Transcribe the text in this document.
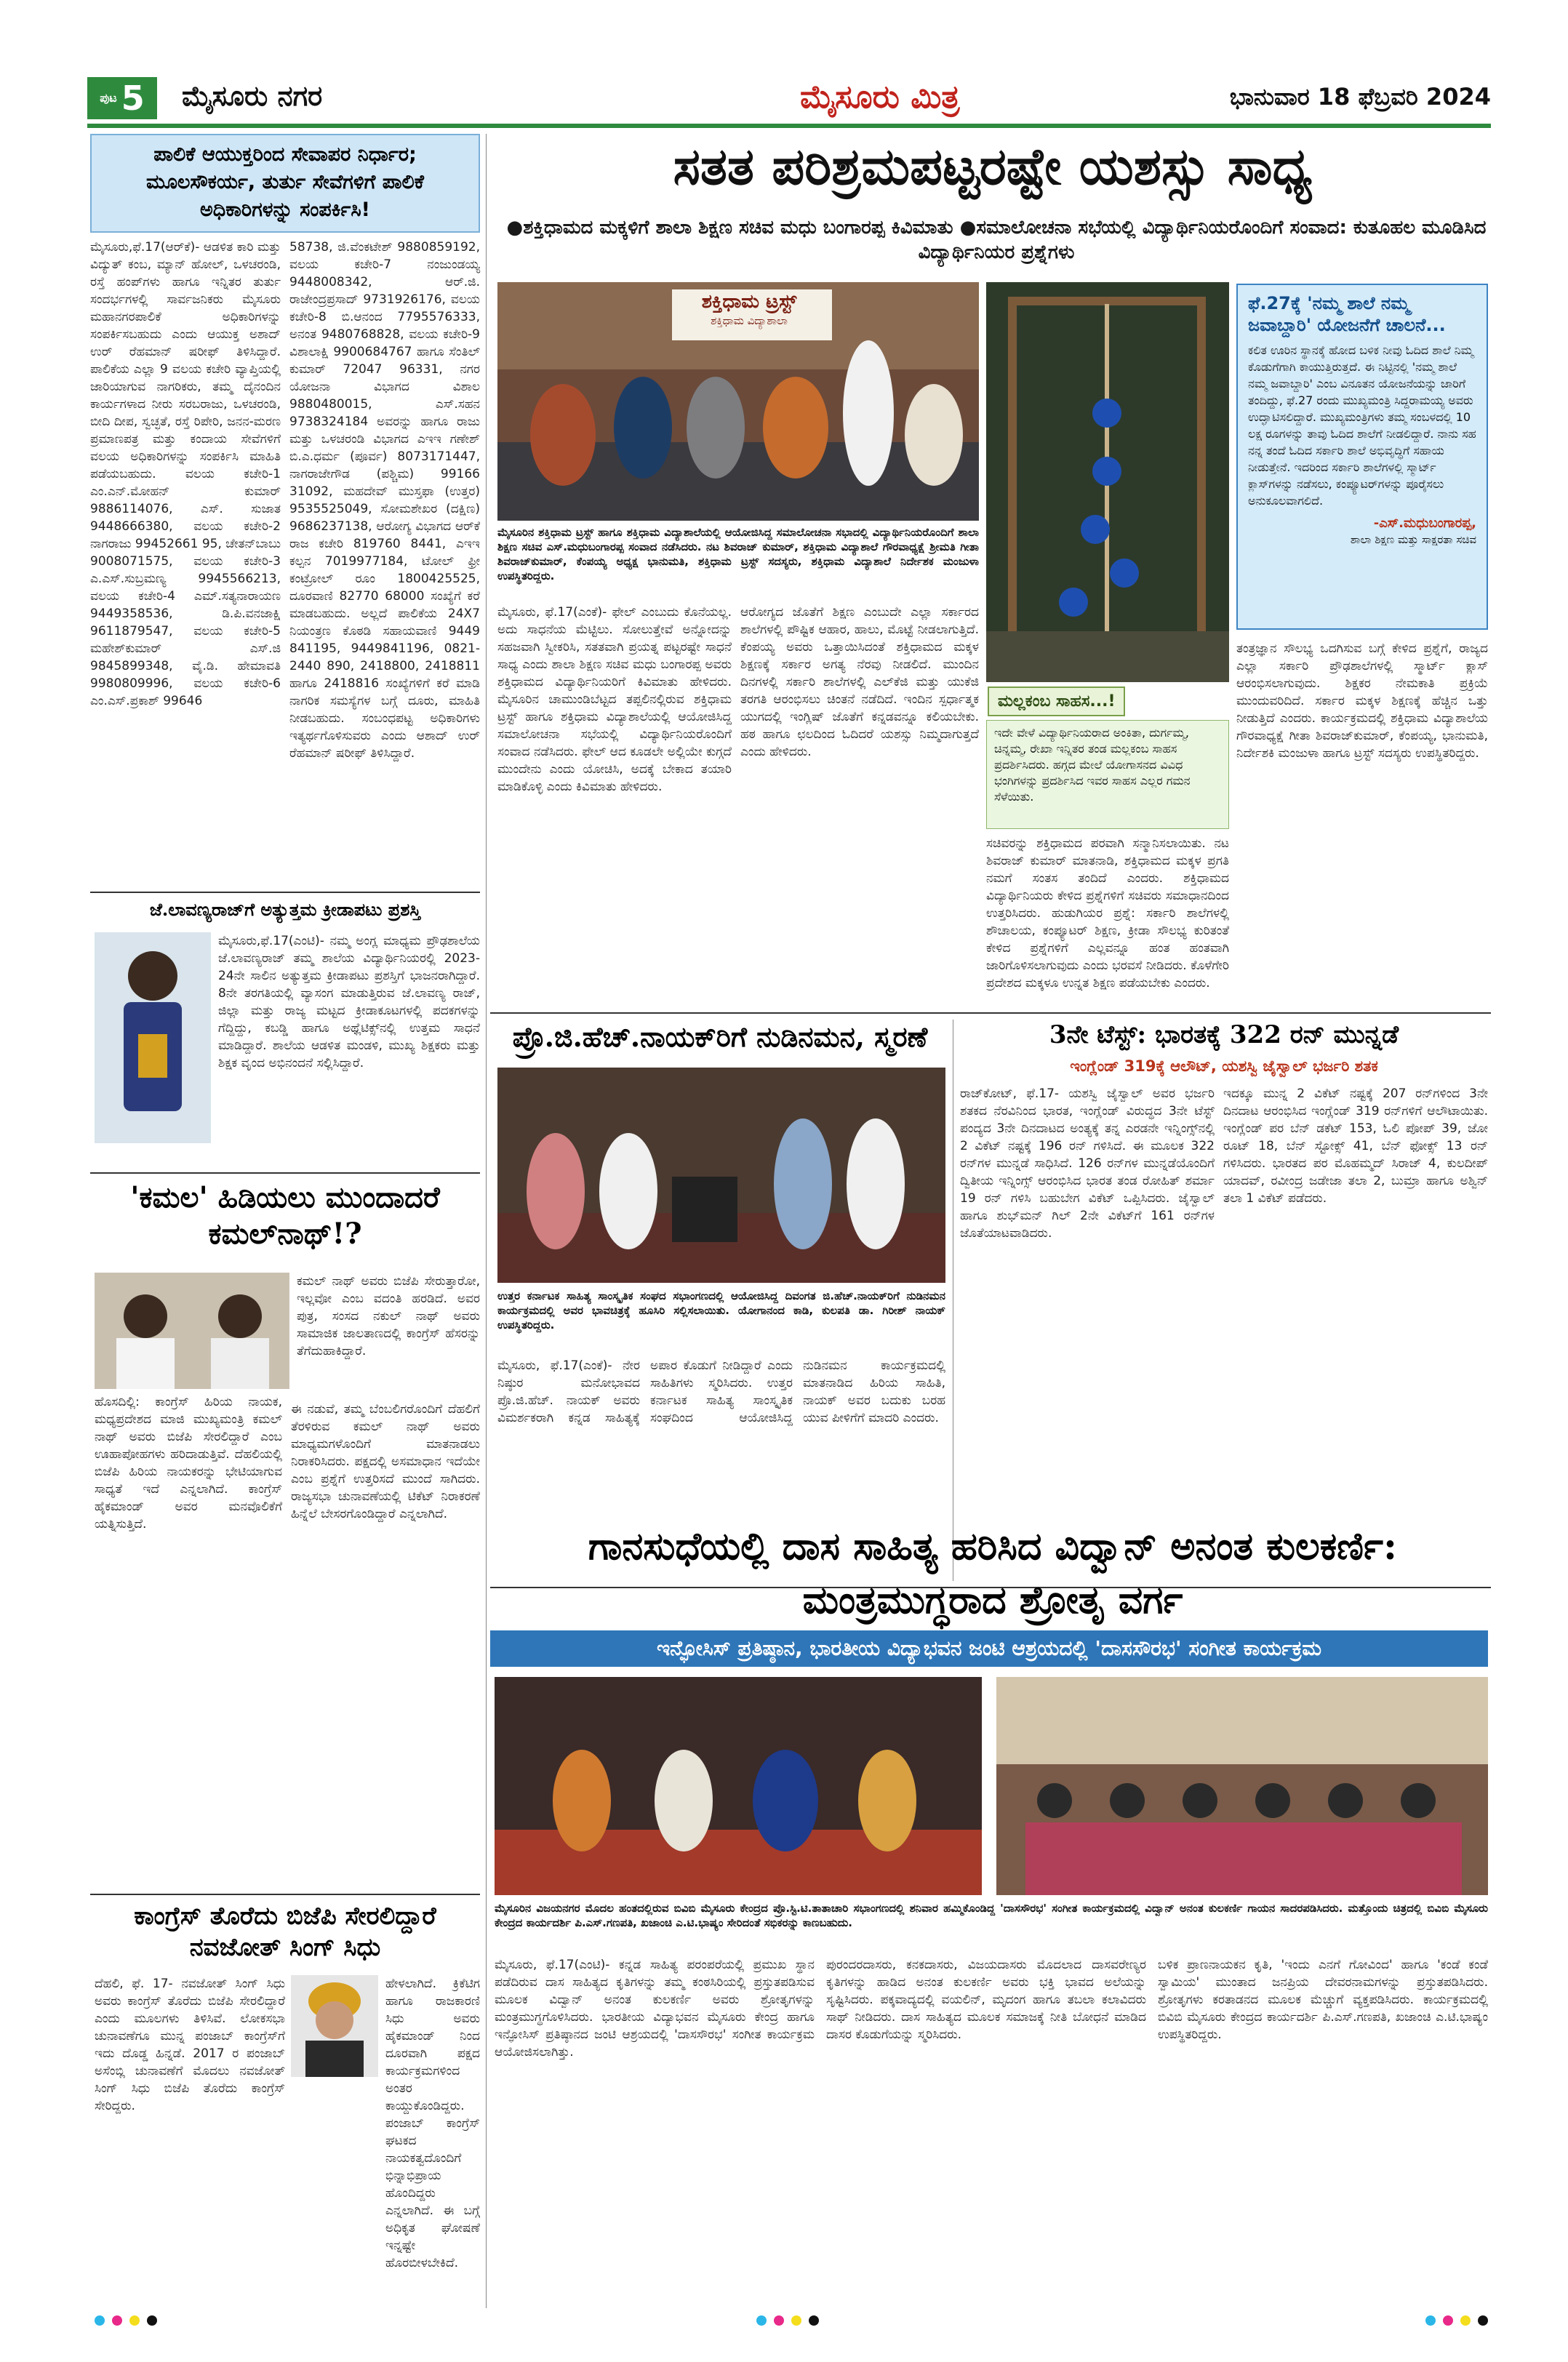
ಪುಟ 5 ಮೈಸೂರು ನಗರ	ಮೈಸೂರು ಮಿತ್ರ	ಭಾನುವಾರ 18 ಫೆಬ್ರವರಿ 2024
ಪಾಲಿಕೆ ಆಯುಕ್ತರಿಂದ ಸೇವಾಪರ ನಿರ್ಧಾರ; ಮೂಲಸೌಕರ್ಯ, ತುರ್ತು ಸೇವೆಗಳಿಗೆ ಪಾಲಿಕೆ ಅಧಿಕಾರಿಗಳನ್ನು ಸಂಪರ್ಕಿಸಿ!
ಮೈಸೂರು,ಫೆ.17(ಆರ್‌ಕೆ)- ಆಡಳಿತ ಕಾರಿ ಮತ್ತು ವಿದ್ಯುತ್ ಕಂಬ, ಮ್ಯಾನ್ ಹೋಲ್, ಒಳಚರಂಡಿ, ರಸ್ತೆ ಹಂಪ್‌ಗಳು ಹಾಗೂ ಇನ್ನಿತರ ತುರ್ತು ಸಂದರ್ಭಗಳಲ್ಲಿ ಸಾರ್ವಜನಿಕರು ಮೈಸೂರು ಮಹಾನಗರಪಾಲಿಕೆ ಅಧಿಕಾರಿಗಳನ್ನು ಸಂಪರ್ಕಿಸಬಹುದು ಎಂದು ಆಯುಕ್ತ ಅಶಾದ್ ಉರ್ ರೆಹಮಾನ್ ಷರೀಫ್ ತಿಳಿಸಿದ್ದಾರೆ. ಪಾಲಿಕೆಯ ಎಲ್ಲಾ 9 ವಲಯ ಕಚೇರಿ ವ್ಯಾಪ್ತಿಯಲ್ಲಿ ಜಾರಿಯಾಗುವ ನಾಗರಿಕರು, ತಮ್ಮ ದೈನಂದಿನ ಕಾರ್ಯಗಳಾದ ನೀರು ಸರಬರಾಜು, ಒಳಚರಂಡಿ, ಬೀದಿ ದೀಪ, ಸ್ವಚ್ಛತೆ, ರಸ್ತೆ ರಿಪೇರಿ, ಜನನ-ಮರಣ ಪ್ರಮಾಣಪತ್ರ ಮತ್ತು ಕಂದಾಯ ಸೇವೆಗಳಿಗೆ ವಲಯ ಅಧಿಕಾರಿಗಳನ್ನು ಸಂಪರ್ಕಿಸಿ ಮಾಹಿತಿ ಪಡೆಯಬಹುದು. ವಲಯ ಕಚೇರಿ-1 ಎಂ.ಎನ್.ಮೋಹನ್ ಕುಮಾರ್ 9886114076, ಎಸ್. ಸುಜಾತ 9448666380, ವಲಯ ಕಚೇರಿ-2 ನಾಗರಾಜು 99452661 95, ಚೇತನ್‌ಬಾಬು 9008071575, ವಲಯ ಕಚೇರಿ-3 ಎ.ಎಸ್.ಸುಬ್ರಮಣ್ಯ 9945566213, ವಲಯ ಕಚೇರಿ-4 ಎಮ್.ಸತ್ಯನಾರಾಯಣ 9449358536, ಡಿ.ಪಿ.ವನಜಾಕ್ಷಿ 9611879547, ವಲಯ ಕಚೇರಿ-5 ಮಹೇಶ್‌ಕುಮಾರ್ ಎಸ್.ಜಿ 9845899348, ವೈ.ಡಿ. ಹೇಮಾವತಿ 9980809996, ವಲಯ ಕಚೇರಿ-6 ಎಂ.ಎಸ್.ಪ್ರಕಾಶ್ 99646
58738, ಜಿ.ವೆಂಕಟೇಶ್ 9880859192, ವಲಯ ಕಚೇರಿ-7 ನಂಜುಂಡಯ್ಯ 9448008342, ಆರ್.ಜಿ. ರಾಜೇಂದ್ರಪ್ರಸಾದ್ 9731926176, ವಲಯ ಕಚೇರಿ-8 ಬಿ.ಆನಂದ 7795576333, ಅನಂತ 9480768828, ವಲಯ ಕಚೇರಿ-9 ವಿಶಾಲಾಕ್ಷಿ 9900684767 ಹಾಗೂ ಸೆಂತಿಲ್ ಕುಮಾರ್ 72047 96331, ನಗರ ಯೋಜನಾ ವಿಭಾಗದ ವಿಶಾಲ 9880480015, ಎಸ್.ಸಹನ 9738324184 ಅವರನ್ನು ಹಾಗೂ ರಾಜು ಮತ್ತು ಒಳಚರಂಡಿ ವಿಭಾಗದ ಎಇಇ ಗಣೇಶ್ ಬಿ.ಎ.ಧರ್ಮ (ಪೂರ್ವ) 8073171447, ನಾಗರಾಜೇಗೌಡ (ಪಶ್ಚಿಮ) 99166 31092, ಮಹದೇವ್ ಮುಸ್ತಫಾ (ಉತ್ತರ) 9535525049, ಸೋಮಶೇಖರ (ದಕ್ಷಿಣ) 9686237138, ಆರೋಗ್ಯ ವಿಭಾಗದ ಆರ್‌ಕೆ ರಾಜ ಕಚೇರಿ 819760 8441, ಎಇಇ ಕಲ್ಪನ 7019977184, ಟೋಲ್ ಫ್ರೀ ಕಂಟ್ರೋಲ್ ರೂಂ 1800425525, ದೂರವಾಣಿ 82770 68000 ಸಂಖ್ಯೆಗೆ ಕರೆ ಮಾಡಬಹುದು. ಅಲ್ಲದೆ ಪಾಲಿಕೆಯ 24X7 ನಿಯಂತ್ರಣ ಕೊಠಡಿ ಸಹಾಯವಾಣಿ 9449 841195, 9449841196, 0821-2440 890, 2418800, 2418811 ಹಾಗೂ 2418816 ಸಂಖ್ಯೆಗಳಿಗೆ ಕರೆ ಮಾಡಿ ನಾಗರಿಕ ಸಮಸ್ಯೆಗಳ ಬಗ್ಗೆ ದೂರು, ಮಾಹಿತಿ ನೀಡಬಹುದು. ಸಂಬಂಧಪಟ್ಟ ಅಧಿಕಾರಿಗಳು ಇತ್ಯರ್ಥಗೊಳಿಸುವರು ಎಂದು ಆಶಾದ್ ಉರ್ ರೆಹಮಾನ್ ಷರೀಫ್ ತಿಳಿಸಿದ್ದಾರೆ.
ಸತತ ಪರಿಶ್ರಮಪಟ್ಟರಷ್ಟೇ ಯಶಸ್ಸು ಸಾಧ್ಯ
●ಶಕ್ತಿಧಾಮದ ಮಕ್ಕಳಿಗೆ ಶಾಲಾ ಶಿಕ್ಷಣ ಸಚಿವ ಮಧು ಬಂಗಾರಪ್ಪ ಕಿವಿಮಾತು ●ಸಮಾಲೋಚನಾ ಸಭೆಯಲ್ಲಿ ವಿದ್ಯಾರ್ಥಿನಿಯರೊಂದಿಗೆ ಸಂವಾದ: ಕುತೂಹಲ ಮೂಡಿಸಿದ ವಿದ್ಯಾರ್ಥಿನಿಯರ ಪ್ರಶ್ನೆಗಳು
ಶಕ್ತಿಧಾಮ ಟ್ರಸ್ಟ್
ಶಕ್ತಿಧಾಮ ವಿದ್ಯಾಶಾಲಾ
ಮೈಸೂರಿನ ಶಕ್ತಿಧಾಮ ಟ್ರಸ್ಟ್ ಹಾಗೂ ಶಕ್ತಿಧಾಮ ವಿದ್ಯಾಶಾಲೆಯಲ್ಲಿ ಆಯೋಜಿಸಿದ್ದ ಸಮಾಲೋಚನಾ ಸಭಾದಲ್ಲಿ ವಿದ್ಯಾರ್ಥಿನಿಯರೊಂದಿಗೆ ಶಾಲಾ ಶಿಕ್ಷಣ ಸಚಿವ ಎಸ್.ಮಧುಬಂಗಾರಪ್ಪ ಸಂವಾದ ನಡೆಸಿದರು. ನಟ ಶಿವರಾಜ್ ಕುಮಾರ್, ಶಕ್ತಿಧಾಮ ವಿದ್ಯಾಶಾಲೆ ಗೌರವಾಧ್ಯಕ್ಷೆ ಶ್ರೀಮತಿ ಗೀತಾ ಶಿವರಾಜ್‌ಕುಮಾರ್, ಕೆಂಪಯ್ಯ ಅಧ್ಯಕ್ಷ ಭಾನುಮತಿ, ಶಕ್ತಿಧಾಮ ಟ್ರಸ್ಟ್ ಸದಸ್ಯರು, ಶಕ್ತಿಧಾಮ ವಿದ್ಯಾಶಾಲೆ ನಿರ್ದೇಶಕ ಮಂಜುಳಾ ಉಪಸ್ಥಿತರಿದ್ದರು.
ಮಲ್ಲಕಂಬ ಸಾಹಸ...!
ಇದೇ ವೇಳೆ ವಿದ್ಯಾರ್ಥಿನಿಯರಾದ ಅಂಕಿತಾ, ದುರ್ಗಮ್ಮ, ಚಿನ್ನಮ್ಮ, ರೇಖಾ ಇನ್ನಿತರ ತಂಡ ಮಲ್ಲಕಂಬ ಸಾಹಸ ಪ್ರದರ್ಶಿಸಿದರು. ಹಗ್ಗದ ಮೇಲೆ ಯೋಗಾಸನದ ವಿವಿಧ ಭಂಗಿಗಳನ್ನು ಪ್ರದರ್ಶಿಸಿದ ಇವರ ಸಾಹಸ ಎಲ್ಲರ ಗಮನ ಸೆಳೆಯಿತು.
ಫೆ.27ಕ್ಕೆ 'ನಮ್ಮ ಶಾಲೆ ನಮ್ಮ ಜವಾಬ್ದಾರಿ' ಯೋಜನೆಗೆ ಚಾಲನೆ...
ಕಲಿತ ಊರಿನ ಸ್ಥಾನಕ್ಕೆ ಹೋದ ಬಳಿಕ ನೀವು ಓದಿದ ಶಾಲೆ ನಿಮ್ಮ ಕೊಡುಗೆಗಾಗಿ ಕಾಯುತ್ತಿರುತ್ತದೆ. ಈ ನಿಟ್ಟಿನಲ್ಲಿ 'ನಮ್ಮ ಶಾಲೆ ನಮ್ಮ ಜವಾಬ್ದಾರಿ' ಎಂಬ ವಿನೂತನ ಯೋಜನೆಯನ್ನು ಜಾರಿಗೆ ತಂದಿದ್ದು, ಫೆ.27 ರಂದು ಮುಖ್ಯಮಂತ್ರಿ ಸಿದ್ದರಾಮಯ್ಯ ಅವರು ಉದ್ಘಾಟಿಸಲಿದ್ದಾರೆ. ಮುಖ್ಯಮಂತ್ರಿಗಳು ತಮ್ಮ ಸಂಬಳದಲ್ಲಿ 10 ಲಕ್ಷ ರೂಗಳನ್ನು ತಾವು ಓದಿದ ಶಾಲೆಗೆ ನೀಡಲಿದ್ದಾರೆ. ನಾನು ಸಹ ನನ್ನ ತಂದೆ ಓದಿದ ಸರ್ಕಾರಿ ಶಾಲೆ ಅಭಿವೃದ್ಧಿಗೆ ಸಹಾಯ ನೀಡುತ್ತೇನೆ. ಇದರಿಂದ ಸರ್ಕಾರಿ ಶಾಲೆಗಳಲ್ಲಿ ಸ್ಮಾರ್ಟ್ ಕ್ಲಾಸ್‌ಗಳನ್ನು ನಡೆಸಲು, ಕಂಪ್ಯೂಟರ್‌ಗಳನ್ನು ಪೂರೈಸಲು ಅನುಕೂಲವಾಗಲಿದೆ.
-ಎಸ್.ಮಧುಬಂಗಾರಪ್ಪ,
ಶಾಲಾ ಶಿಕ್ಷಣ ಮತ್ತು ಸಾಕ್ಷರತಾ ಸಚಿವ
ಮೈಸೂರು, ಫೆ.17(ಎಂಕೆ)- ಫೇಲ್ ಎಂಬುದು ಕೊನೆಯಲ್ಲ. ಅದು ಸಾಧನೆಯ ಮೆಟ್ಟಿಲು. ಸೋಲುತ್ತೇವೆ ಅನ್ನೋದನ್ನು ಸಹಜವಾಗಿ ಸ್ವೀಕರಿಸಿ, ಸತತವಾಗಿ ಪ್ರಯತ್ನ ಪಟ್ಟರಷ್ಟೇ ಸಾಧನೆ ಸಾಧ್ಯ ಎಂದು ಶಾಲಾ ಶಿಕ್ಷಣ ಸಚಿವ ಮಧು ಬಂಗಾರಪ್ಪ ಅವರು ಶಕ್ತಿಧಾಮದ ವಿದ್ಯಾರ್ಥಿನಿಯರಿಗೆ ಕಿವಿಮಾತು ಹೇಳಿದರು. ಮೈಸೂರಿನ ಚಾಮುಂಡಿಬೆಟ್ಟದ ತಪ್ಪಲಿನಲ್ಲಿರುವ ಶಕ್ತಿಧಾಮ ಟ್ರಸ್ಟ್ ಹಾಗೂ ಶಕ್ತಿಧಾಮ ವಿದ್ಯಾಶಾಲೆಯಲ್ಲಿ ಆಯೋಜಿಸಿದ್ದ ಸಮಾಲೋಚನಾ ಸಭೆಯಲ್ಲಿ ವಿದ್ಯಾರ್ಥಿನಿಯರೊಂದಿಗೆ ಸಂವಾದ ನಡೆಸಿದರು. ಫೇಲ್ ಆದ ಕೂಡಲೇ ಅಲ್ಲಿಯೇ ಕುಗ್ಗದೆ ಮುಂದೇನು ಎಂದು ಯೋಚಿಸಿ, ಅದಕ್ಕೆ ಬೇಕಾದ ತಯಾರಿ ಮಾಡಿಕೊಳ್ಳಿ ಎಂದು ಕಿವಿಮಾತು ಹೇಳಿದರು.
ಆರೋಗ್ಯದ ಜೊತೆಗೆ ಶಿಕ್ಷಣ ಎಂಬುದೇ ಎಲ್ಲಾ ಸರ್ಕಾರದ ಶಾಲೆಗಳಲ್ಲಿ ಪೌಷ್ಟಿಕ ಆಹಾರ, ಹಾಲು, ಮೊಟ್ಟೆ ನೀಡಲಾಗುತ್ತಿದೆ. ಕೆಂಪಯ್ಯ ಅವರು ಒತ್ತಾಯಿಸಿದಂತೆ ಶಕ್ತಿಧಾಮದ ಮಕ್ಕಳ ಶಿಕ್ಷಣಕ್ಕೆ ಸರ್ಕಾರ ಅಗತ್ಯ ನೆರವು ನೀಡಲಿದೆ. ಮುಂದಿನ ದಿನಗಳಲ್ಲಿ ಸರ್ಕಾರಿ ಶಾಲೆಗಳಲ್ಲಿ ಎಲ್‌ಕೆಜಿ ಮತ್ತು ಯುಕೆಜಿ ತರಗತಿ ಆರಂಭಿಸಲು ಚಿಂತನೆ ನಡೆದಿದೆ. ಇಂದಿನ ಸ್ಪರ್ಧಾತ್ಮಕ ಯುಗದಲ್ಲಿ ಇಂಗ್ಲಿಷ್ ಜೊತೆಗೆ ಕನ್ನಡವನ್ನೂ ಕಲಿಯಬೇಕು. ಹಠ ಹಾಗೂ ಛಲದಿಂದ ಓದಿದರೆ ಯಶಸ್ಸು ನಿಮ್ಮದಾಗುತ್ತದೆ ಎಂದು ಹೇಳಿದರು.
ಸಚಿವರನ್ನು ಶಕ್ತಿಧಾಮದ ಪರವಾಗಿ ಸನ್ಮಾನಿಸಲಾಯಿತು. ನಟ ಶಿವರಾಜ್ ಕುಮಾರ್ ಮಾತನಾಡಿ, ಶಕ್ತಿಧಾಮದ ಮಕ್ಕಳ ಪ್ರಗತಿ ನಮಗೆ ಸಂತಸ ತಂದಿದೆ ಎಂದರು. ಶಕ್ತಿಧಾಮದ ವಿದ್ಯಾರ್ಥಿನಿಯರು ಕೇಳಿದ ಪ್ರಶ್ನೆಗಳಿಗೆ ಸಚಿವರು ಸಮಾಧಾನದಿಂದ ಉತ್ತರಿಸಿದರು. ಹುಡುಗಿಯರ ಪ್ರಶ್ನೆ: ಸರ್ಕಾರಿ ಶಾಲೆಗಳಲ್ಲಿ ಶೌಚಾಲಯ, ಕಂಪ್ಯೂಟರ್ ಶಿಕ್ಷಣ, ಕ್ರೀಡಾ ಸೌಲಭ್ಯ ಕುರಿತಂತೆ ಕೇಳಿದ ಪ್ರಶ್ನೆಗಳಿಗೆ ಎಲ್ಲವನ್ನೂ ಹಂತ ಹಂತವಾಗಿ ಜಾರಿಗೊಳಿಸಲಾಗುವುದು ಎಂದು ಭರವಸೆ ನೀಡಿದರು. ಕೊಳೆಗೇರಿ ಪ್ರದೇಶದ ಮಕ್ಕಳೂ ಉನ್ನತ ಶಿಕ್ಷಣ ಪಡೆಯಬೇಕು ಎಂದರು.
ತಂತ್ರಜ್ಞಾನ ಸೌಲಭ್ಯ ಒದಗಿಸುವ ಬಗ್ಗೆ ಕೇಳಿದ ಪ್ರಶ್ನೆಗೆ, ರಾಜ್ಯದ ಎಲ್ಲಾ ಸರ್ಕಾರಿ ಪ್ರೌಢಶಾಲೆಗಳಲ್ಲಿ ಸ್ಮಾರ್ಟ್ ಕ್ಲಾಸ್ ಆರಂಭಿಸಲಾಗುವುದು. ಶಿಕ್ಷಕರ ನೇಮಕಾತಿ ಪ್ರಕ್ರಿಯೆ ಮುಂದುವರಿದಿದೆ. ಸರ್ಕಾರ ಮಕ್ಕಳ ಶಿಕ್ಷಣಕ್ಕೆ ಹೆಚ್ಚಿನ ಒತ್ತು ನೀಡುತ್ತಿದೆ ಎಂದರು. ಕಾರ್ಯಕ್ರಮದಲ್ಲಿ ಶಕ್ತಿಧಾಮ ವಿದ್ಯಾಶಾಲೆಯ ಗೌರವಾಧ್ಯಕ್ಷೆ ಗೀತಾ ಶಿವರಾಜ್‌ಕುಮಾರ್, ಕೆಂಪಯ್ಯ, ಭಾನುಮತಿ, ನಿರ್ದೇಶಕಿ ಮಂಜುಳಾ ಹಾಗೂ ಟ್ರಸ್ಟ್ ಸದಸ್ಯರು ಉಪಸ್ಥಿತರಿದ್ದರು.
ಜೆ.ಲಾವಣ್ಯರಾಜ್‌ಗೆ ಅತ್ಯುತ್ತಮ ಕ್ರೀಡಾಪಟು ಪ್ರಶಸ್ತಿ
ಮೈಸೂರು,ಫೆ.17(ಎಂಟಿ)- ನಮ್ಮ ಅಂಗ್ಲ ಮಾಧ್ಯಮ ಪ್ರೌಢಶಾಲೆಯ ಜೆ.ಲಾವಣ್ಯರಾಜ್ ತಮ್ಮ ಶಾಲೆಯ ವಿದ್ಯಾರ್ಥಿನಿಯರಲ್ಲಿ 2023-24ನೇ ಸಾಲಿನ ಅತ್ಯುತ್ತಮ ಕ್ರೀಡಾಪಟು ಪ್ರಶಸ್ತಿಗೆ ಭಾಜನರಾಗಿದ್ದಾರೆ. 8ನೇ ತರಗತಿಯಲ್ಲಿ ವ್ಯಾಸಂಗ ಮಾಡುತ್ತಿರುವ ಜೆ.ಲಾವಣ್ಯ ರಾಜ್, ಜಿಲ್ಲಾ ಮತ್ತು ರಾಜ್ಯ ಮಟ್ಟದ ಕ್ರೀಡಾಕೂಟಗಳಲ್ಲಿ ಪದಕಗಳನ್ನು ಗೆದ್ದಿದ್ದು, ಕಬಡ್ಡಿ ಹಾಗೂ ಅಥ್ಲೆಟಿಕ್ಸ್‌ನಲ್ಲಿ ಉತ್ತಮ ಸಾಧನೆ ಮಾಡಿದ್ದಾರೆ. ಶಾಲೆಯ ಆಡಳಿತ ಮಂಡಳಿ, ಮುಖ್ಯ ಶಿಕ್ಷಕರು ಮತ್ತು ಶಿಕ್ಷಕ ವೃಂದ ಅಭಿನಂದನೆ ಸಲ್ಲಿಸಿದ್ದಾರೆ.
'ಕಮಲ' ಹಿಡಿಯಲು ಮುಂದಾದರೆ ಕಮಲ್‌ನಾಥ್!?
ಕಮಲ್ ನಾಥ್ ಅವರು ಬಿಜೆಪಿ ಸೇರುತ್ತಾರೋ, ಇಲ್ಲವೋ ಎಂಬ ವದಂತಿ ಹರಡಿದೆ. ಅವರ ಪುತ್ರ, ಸಂಸದ ನಕುಲ್ ನಾಥ್ ಅವರು ಸಾಮಾಜಿಕ ಜಾಲತಾಣದಲ್ಲಿ ಕಾಂಗ್ರೆಸ್ ಹೆಸರನ್ನು ತೆಗೆದುಹಾಕಿದ್ದಾರೆ.
ಹೊಸದಿಲ್ಲಿ: ಕಾಂಗ್ರೆಸ್ ಹಿರಿಯ ನಾಯಕ, ಮಧ್ಯಪ್ರದೇಶದ ಮಾಜಿ ಮುಖ್ಯಮಂತ್ರಿ ಕಮಲ್ ನಾಥ್ ಅವರು ಬಿಜೆಪಿ ಸೇರಲಿದ್ದಾರೆ ಎಂಬ ಊಹಾಪೋಹಗಳು ಹರಿದಾಡುತ್ತಿವೆ. ದೆಹಲಿಯಲ್ಲಿ ಬಿಜೆಪಿ ಹಿರಿಯ ನಾಯಕರನ್ನು ಭೇಟಿಯಾಗುವ ಸಾಧ್ಯತೆ ಇದೆ ಎನ್ನಲಾಗಿದೆ. ಕಾಂಗ್ರೆಸ್ ಹೈಕಮಾಂಡ್ ಅವರ ಮನವೊಲಿಕೆಗೆ ಯತ್ನಿಸುತ್ತಿದೆ.
ಈ ನಡುವೆ, ತಮ್ಮ ಬೆಂಬಲಿಗರೊಂದಿಗೆ ದೆಹಲಿಗೆ ತೆರಳಿರುವ ಕಮಲ್ ನಾಥ್ ಅವರು ಮಾಧ್ಯಮಗಳೊಂದಿಗೆ ಮಾತನಾಡಲು ನಿರಾಕರಿಸಿದರು. ಪಕ್ಷದಲ್ಲಿ ಅಸಮಾಧಾನ ಇದೆಯೇ ಎಂಬ ಪ್ರಶ್ನೆಗೆ ಉತ್ತರಿಸದೆ ಮುಂದೆ ಸಾಗಿದರು. ರಾಜ್ಯಸಭಾ ಚುನಾವಣೆಯಲ್ಲಿ ಟಿಕೆಟ್ ನಿರಾಕರಣೆ ಹಿನ್ನೆಲೆ ಬೇಸರಗೊಂಡಿದ್ದಾರೆ ಎನ್ನಲಾಗಿದೆ.
ಕಾಂಗ್ರೆಸ್ ತೊರೆದು ಬಿಜೆಪಿ ಸೇರಲಿದ್ದಾರೆ ನವಜೋತ್ ಸಿಂಗ್ ಸಿಧು
ದೆಹಲಿ, ಫೆ. 17- ನವಜೋತ್ ಸಿಂಗ್ ಸಿಧು ಅವರು ಕಾಂಗ್ರೆಸ್ ತೊರೆದು ಬಿಜೆಪಿ ಸೇರಲಿದ್ದಾರೆ ಎಂದು ಮೂಲಗಳು ತಿಳಿಸಿವೆ. ಲೋಕಸಭಾ ಚುನಾವಣೆಗೂ ಮುನ್ನ ಪಂಜಾಬ್ ಕಾಂಗ್ರೆಸ್‌ಗೆ ಇದು ದೊಡ್ಡ ಹಿನ್ನಡೆ. 2017 ರ ಪಂಜಾಬ್ ಅಸೆಂಬ್ಲಿ ಚುನಾವಣೆಗೆ ಮೊದಲು ನವಜೋತ್ ಸಿಂಗ್ ಸಿಧು ಬಿಜೆಪಿ ತೊರೆದು ಕಾಂಗ್ರೆಸ್ ಸೇರಿದ್ದರು.
ಹೇಳಲಾಗಿದೆ. ಕ್ರಿಕೆಟಿಗ ಹಾಗೂ ರಾಜಕಾರಣಿ ಸಿಧು ಅವರು ಹೈಕಮಾಂಡ್ ನಿಂದ ದೂರವಾಗಿ ಪಕ್ಷದ ಕಾರ್ಯಕ್ರಮಗಳಿಂದ ಅಂತರ ಕಾಯ್ದುಕೊಂಡಿದ್ದರು. ಪಂಜಾಬ್ ಕಾಂಗ್ರೆಸ್ ಘಟಕದ ನಾಯಕತ್ವದೊಂದಿಗೆ ಭಿನ್ನಾಭಿಪ್ರಾಯ ಹೊಂದಿದ್ದರು ಎನ್ನಲಾಗಿದೆ. ಈ ಬಗ್ಗೆ ಅಧಿಕೃತ ಘೋಷಣೆ ಇನ್ನಷ್ಟೇ ಹೊರಬೀಳಬೇಕಿದೆ.
ಪ್ರೊ.ಜಿ.ಹೆಚ್.ನಾಯಕ್‌ರಿಗೆ ನುಡಿನಮನ, ಸ್ಮರಣೆ
ಉತ್ತರ ಕರ್ನಾಟಕ ಸಾಹಿತ್ಯ ಸಾಂಸ್ಕೃತಿಕ ಸಂಘದ ಸಭಾಂಗಣದಲ್ಲಿ ಆಯೋಜಿಸಿದ್ದ ದಿವಂಗತ ಜಿ.ಹೆಚ್.ನಾಯಕ್‌ರಿಗೆ ನುಡಿನಮನ ಕಾರ್ಯಕ್ರಮದಲ್ಲಿ ಅವರ ಭಾವಚಿತ್ರಕ್ಕೆ ಹೂಸಿರಿ ಸಲ್ಲಿಸಲಾಯಿತು. ಯೋಗಾನಂದ ಕಾಡಿ, ಕುಲಪತಿ ಡಾ. ಗಿರೀಶ್ ನಾಯಕ್ ಉಪಸ್ಥಿತರಿದ್ದರು.
ಮೈಸೂರು, ಫೆ.17(ಎಂಕೆ)- ನೇರ ನಿಷ್ಠುರ ಮನೋಭಾವದ ಪ್ರೊ.ಜಿ.ಹೆಚ್. ನಾಯಕ್ ಅವರು ವಿಮರ್ಶಕರಾಗಿ ಕನ್ನಡ ಸಾಹಿತ್ಯಕ್ಕೆ ಅಪಾರ ಕೊಡುಗೆ ನೀಡಿದ್ದಾರೆ ಎಂದು ಸಾಹಿತಿಗಳು ಸ್ಮರಿಸಿದರು. ಉತ್ತರ ಕರ್ನಾಟಕ ಸಾಹಿತ್ಯ ಸಾಂಸ್ಕೃತಿಕ ಸಂಘದಿಂದ ಆಯೋಜಿಸಿದ್ದ ನುಡಿನಮನ ಕಾರ್ಯಕ್ರಮದಲ್ಲಿ ಮಾತನಾಡಿದ ಹಿರಿಯ ಸಾಹಿತಿ, ನಾಯಕ್ ಅವರ ಬದುಕು ಬರಹ ಯುವ ಪೀಳಿಗೆಗೆ ಮಾದರಿ ಎಂದರು.
3ನೇ ಟೆಸ್ಟ್: ಭಾರತಕ್ಕೆ 322 ರನ್ ಮುನ್ನಡೆ
ಇಂಗ್ಲೆಂಡ್ 319ಕ್ಕೆ ಆಲೌಟ್, ಯಶಸ್ವಿ ಜೈಸ್ವಾಲ್ ಭರ್ಜರಿ ಶತಕ
ರಾಜ್‌ಕೋಟ್, ಫೆ.17- ಯಶಸ್ವಿ ಜೈಸ್ವಾಲ್ ಅವರ ಭರ್ಜರಿ ಶತಕದ ನೆರವಿನಿಂದ ಭಾರತ, ಇಂಗ್ಲೆಂಡ್ ವಿರುದ್ಧದ 3ನೇ ಟೆಸ್ಟ್ ಪಂದ್ಯದ 3ನೇ ದಿನದಾಟದ ಅಂತ್ಯಕ್ಕೆ ತನ್ನ ಎರಡನೇ ಇನ್ನಿಂಗ್ಸ್‌ನಲ್ಲಿ 2 ವಿಕೆಟ್ ನಷ್ಟಕ್ಕೆ 196 ರನ್ ಗಳಿಸಿದೆ. ಈ ಮೂಲಕ 322 ರನ್‌ಗಳ ಮುನ್ನಡೆ ಸಾಧಿಸಿದೆ. 126 ರನ್‌ಗಳ ಮುನ್ನಡೆಯೊಂದಿಗೆ ದ್ವಿತೀಯ ಇನ್ನಿಂಗ್ಸ್ ಆರಂಭಿಸಿದ ಭಾರತ ತಂಡ ರೋಹಿತ್ ಶರ್ಮಾ 19 ರನ್ ಗಳಿಸಿ ಬಹುಬೇಗ ವಿಕೆಟ್ ಒಪ್ಪಿಸಿದರು. ಜೈಸ್ವಾಲ್ ಹಾಗೂ ಶುಭ್‌ಮನ್ ಗಿಲ್ 2ನೇ ವಿಕೆಟ್‌ಗೆ 161 ರನ್‌ಗಳ ಜೊತೆಯಾಟವಾಡಿದರು.
ಇದಕ್ಕೂ ಮುನ್ನ 2 ವಿಕೆಟ್ ನಷ್ಟಕ್ಕೆ 207 ರನ್‌ಗಳಿಂದ 3ನೇ ದಿನದಾಟ ಆರಂಭಿಸಿದ ಇಂಗ್ಲೆಂಡ್ 319 ರನ್‌ಗಳಿಗೆ ಆಲೌಟಾಯಿತು. ಇಂಗ್ಲೆಂಡ್ ಪರ ಬೆನ್ ಡಕೆಟ್ 153, ಓಲಿ ಪೋಪ್ 39, ಜೋ ರೂಟ್ 18, ಬೆನ್ ಸ್ಟೋಕ್ಸ್ 41, ಬೆನ್ ಫೋಕ್ಸ್ 13 ರನ್ ಗಳಿಸಿದರು. ಭಾರತದ ಪರ ಮೊಹಮ್ಮದ್ ಸಿರಾಜ್ 4, ಕುಲದೀಪ್ ಯಾದವ್, ರವೀಂದ್ರ ಜಡೇಜಾ ತಲಾ 2, ಬುಮ್ರಾ ಹಾಗೂ ಅಶ್ವಿನ್ ತಲಾ 1 ವಿಕೆಟ್ ಪಡೆದರು.
ಗಾನಸುಧೆಯಲ್ಲಿ ದಾಸ ಸಾಹಿತ್ಯ ಹರಿಸಿದ ವಿದ್ವಾನ್ ಅನಂತ ಕುಲಕರ್ಣಿ: ಮಂತ್ರಮುಗ್ಧರಾದ ಶ್ರೋತೃ ವರ್ಗ
ಇನ್ಫೋಸಿಸ್ ಪ್ರತಿಷ್ಠಾನ, ಭಾರತೀಯ ವಿದ್ಯಾಭವನ ಜಂಟಿ ಆಶ್ರಯದಲ್ಲಿ 'ದಾಸಸೌರಭ' ಸಂಗೀತ ಕಾರ್ಯಕ್ರಮ
ಮೈಸೂರಿನ ವಿಜಯನಗರ ಮೊದಲ ಹಂತದಲ್ಲಿರುವ ಬಿವಿಬಿ ಮೈಸೂರು ಕೇಂದ್ರದ ಪ್ರೊ.ಸ್ಟಿ.ಟಿ.ತಾತಾಚಾರಿ ಸಭಾಂಗಣದಲ್ಲಿ ಶನಿವಾರ ಹಮ್ಮಿಕೊಂಡಿದ್ದ 'ದಾಸಸೌರಭ' ಸಂಗೀತ ಕಾರ್ಯಕ್ರಮದಲ್ಲಿ ವಿದ್ವಾನ್ ಅನಂತ ಕುಲಕರ್ಣಿ ಗಾಯನ ಸಾದರಪಡಿಸಿದರು. ಮತ್ತೊಂದು ಚಿತ್ರದಲ್ಲಿ ಬಿವಿಬಿ ಮೈಸೂರು ಕೇಂದ್ರದ ಕಾರ್ಯದರ್ಶಿ ಪಿ.ಎಸ್.ಗಣಪತಿ, ಖಜಾಂಚಿ ಎ.ಟಿ.ಭಾಷ್ಯಂ ಸೇರಿದಂತೆ ಸಭಿಕರನ್ನು ಕಾಣಬಹುದು.
ಮೈಸೂರು, ಫೆ.17(ಎಂಟಿ)- ಕನ್ನಡ ಸಾಹಿತ್ಯ ಪರಂಪರೆಯಲ್ಲಿ ಪ್ರಮುಖ ಸ್ಥಾನ ಪಡೆದಿರುವ ದಾಸ ಸಾಹಿತ್ಯದ ಕೃತಿಗಳನ್ನು ತಮ್ಮ ಕಂಠಸಿರಿಯಲ್ಲಿ ಪ್ರಸ್ತುತಪಡಿಸುವ ಮೂಲಕ ವಿದ್ವಾನ್ ಅನಂತ ಕುಲಕರ್ಣಿ ಅವರು ಶ್ರೋತೃಗಳನ್ನು ಮಂತ್ರಮುಗ್ಧಗೊಳಿಸಿದರು. ಭಾರತೀಯ ವಿದ್ಯಾಭವನ ಮೈಸೂರು ಕೇಂದ್ರ ಹಾಗೂ ಇನ್ಫೋಸಿಸ್ ಪ್ರತಿಷ್ಠಾನದ ಜಂಟಿ ಆಶ್ರಯದಲ್ಲಿ 'ದಾಸಸೌರಭ' ಸಂಗೀತ ಕಾರ್ಯಕ್ರಮ ಆಯೋಜಿಸಲಾಗಿತ್ತು.
ಪುರಂದರದಾಸರು, ಕನಕದಾಸರು, ವಿಜಯದಾಸರು ಮೊದಲಾದ ದಾಸವರೇಣ್ಯರ ಕೃತಿಗಳನ್ನು ಹಾಡಿದ ಅನಂತ ಕುಲಕರ್ಣಿ ಅವರು ಭಕ್ತಿ ಭಾವದ ಅಲೆಯನ್ನು ಸೃಷ್ಟಿಸಿದರು. ಪಕ್ಕವಾದ್ಯದಲ್ಲಿ ವಯಲಿನ್, ಮೃದಂಗ ಹಾಗೂ ತಬಲಾ ಕಲಾವಿದರು ಸಾಥ್ ನೀಡಿದರು. ದಾಸ ಸಾಹಿತ್ಯದ ಮೂಲಕ ಸಮಾಜಕ್ಕೆ ನೀತಿ ಬೋಧನೆ ಮಾಡಿದ ದಾಸರ ಕೊಡುಗೆಯನ್ನು ಸ್ಮರಿಸಿದರು.
ಬಳಿಕ ಪ್ರಾಣನಾಯಕನ ಕೃತಿ, 'ಇಂದು ಎನಗೆ ಗೋವಿಂದ' ಹಾಗೂ 'ಕಂಡೆ ಕಂಡೆ ಸ್ವಾಮಿಯ' ಮುಂತಾದ ಜನಪ್ರಿಯ ದೇವರನಾಮಗಳನ್ನು ಪ್ರಸ್ತುತಪಡಿಸಿದರು. ಶ್ರೋತೃಗಳು ಕರತಾಡನದ ಮೂಲಕ ಮೆಚ್ಚುಗೆ ವ್ಯಕ್ತಪಡಿಸಿದರು. ಕಾರ್ಯಕ್ರಮದಲ್ಲಿ ಬಿವಿಬಿ ಮೈಸೂರು ಕೇಂದ್ರದ ಕಾರ್ಯದರ್ಶಿ ಪಿ.ಎಸ್.ಗಣಪತಿ, ಖಜಾಂಚಿ ಎ.ಟಿ.ಭಾಷ್ಯಂ ಉಪಸ್ಥಿತರಿದ್ದರು.
